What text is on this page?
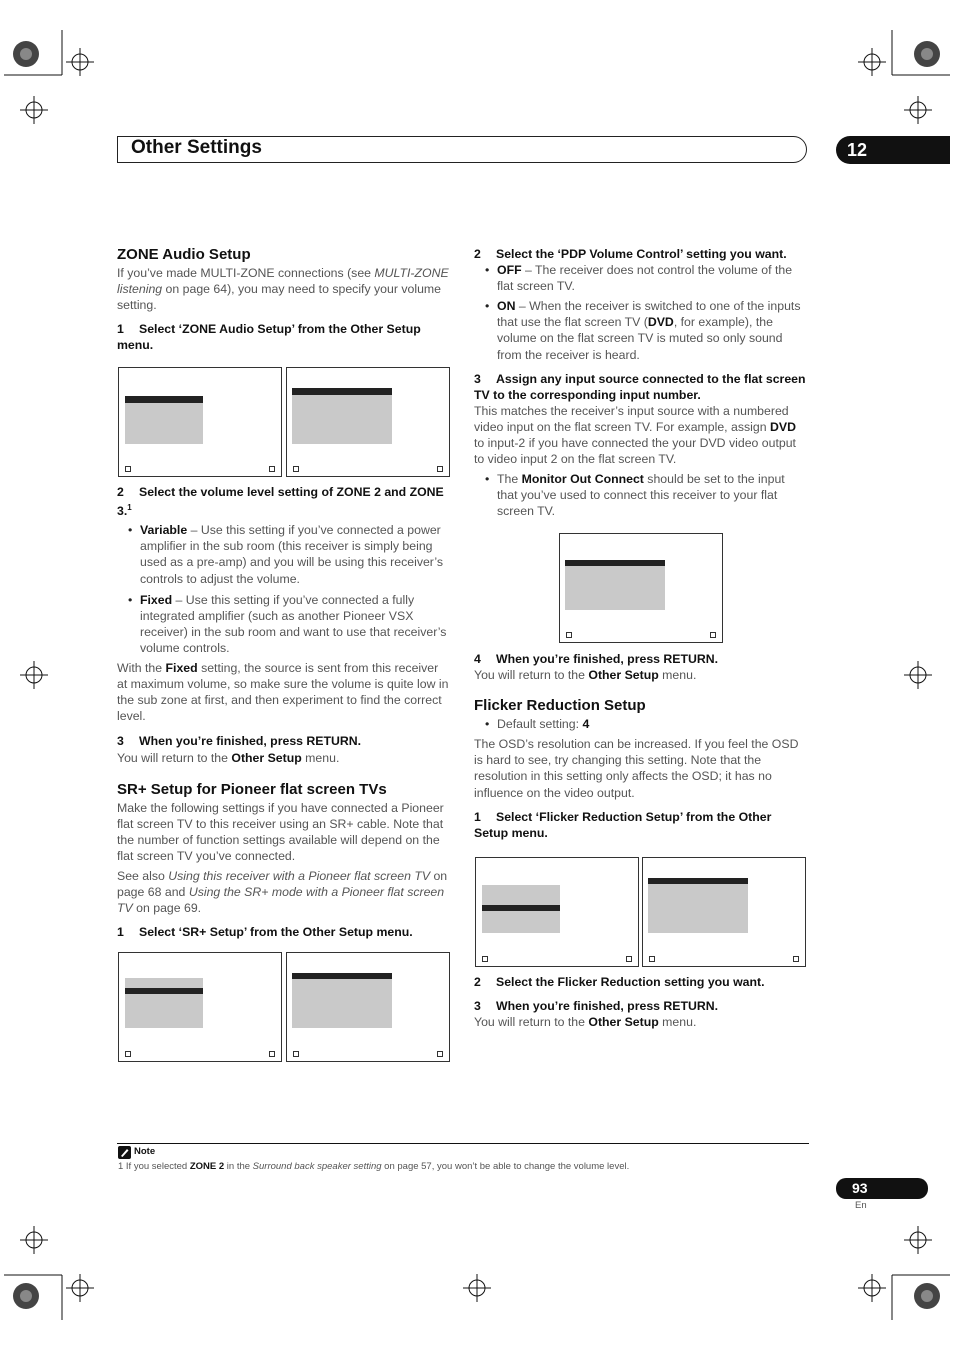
Other Settings	12
ZONE Audio Setup

If you’ve made MULTI-ZONE connections (see MULTI-ZONE listening on page 64), you may need to specify your volume setting.

1 Select ‘ZONE Audio Setup’ from the Other Setup menu.

2 Select the volume level setting of ZONE 2 and ZONE 3.$^1$

• Variable – Use this setting if you’ve connected a power amplifier in the sub room (this receiver is simply being used as a pre-amp) and you will be using this receiver’s controls to adjust the volume.
• Fixed – Use this setting if you’ve connected a fully integrated amplifier (such as another Pioneer VSX receiver) in the sub room and want to use that receiver’s volume controls.

With the Fixed setting, the source is sent from this receiver at maximum volume, so make sure the volume is quite low in the sub zone at first, and then experiment to find the correct level.

3 When you’re finished, press RETURN.

You will return to the Other Setup menu.

SR+ Setup for Pioneer flat screen TVs

Make the following settings if you have connected a Pioneer flat screen TV to this receiver using an SR+ cable. Note that the number of function settings available will depend on the flat screen TV you’ve connected.

See also Using this receiver with a Pioneer flat screen TV on page 68 and Using the SR+ mode with a Pioneer flat screen TV on page 69.

1 Select ‘SR+ Setup’ from the Other Setup menu.

2 Select the ‘PDP Volume Control’ setting you want.

• OFF – The receiver does not control the volume of the flat screen TV.
• ON – When the receiver is switched to one of the inputs that use the flat screen TV (DVD, for example), the volume on the flat screen TV is muted so only sound from the receiver is heard.

3 Assign any input source connected to the flat screen TV to the corresponding input number.

This matches the receiver’s input source with a numbered video input on the flat screen TV. For example, assign DVD to input-2 if you have connected the your DVD video output to video input 2 on the flat screen TV.

• The Monitor Out Connect should be set to the input that you’ve used to connect this receiver to your flat screen TV.

4 When you’re finished, press RETURN.

You will return to the Other Setup menu.

Flicker Reduction Setup
• Default setting: 4

The OSD’s resolution can be increased. If you feel the OSD is hard to see, try changing this setting. Note that the resolution in this setting only affects the OSD; it has no influence on the video output.

1 Select ‘Flicker Reduction Setup’ from the Other Setup menu.

2 Select the Flicker Reduction setting you want.

3 When you’re finished, press RETURN.

You will return to the Other Setup menu.

Note
1 If you selected ZONE 2 in the Surround back speaker setting on page 57, you won’t be able to change the volume level.
93
En
